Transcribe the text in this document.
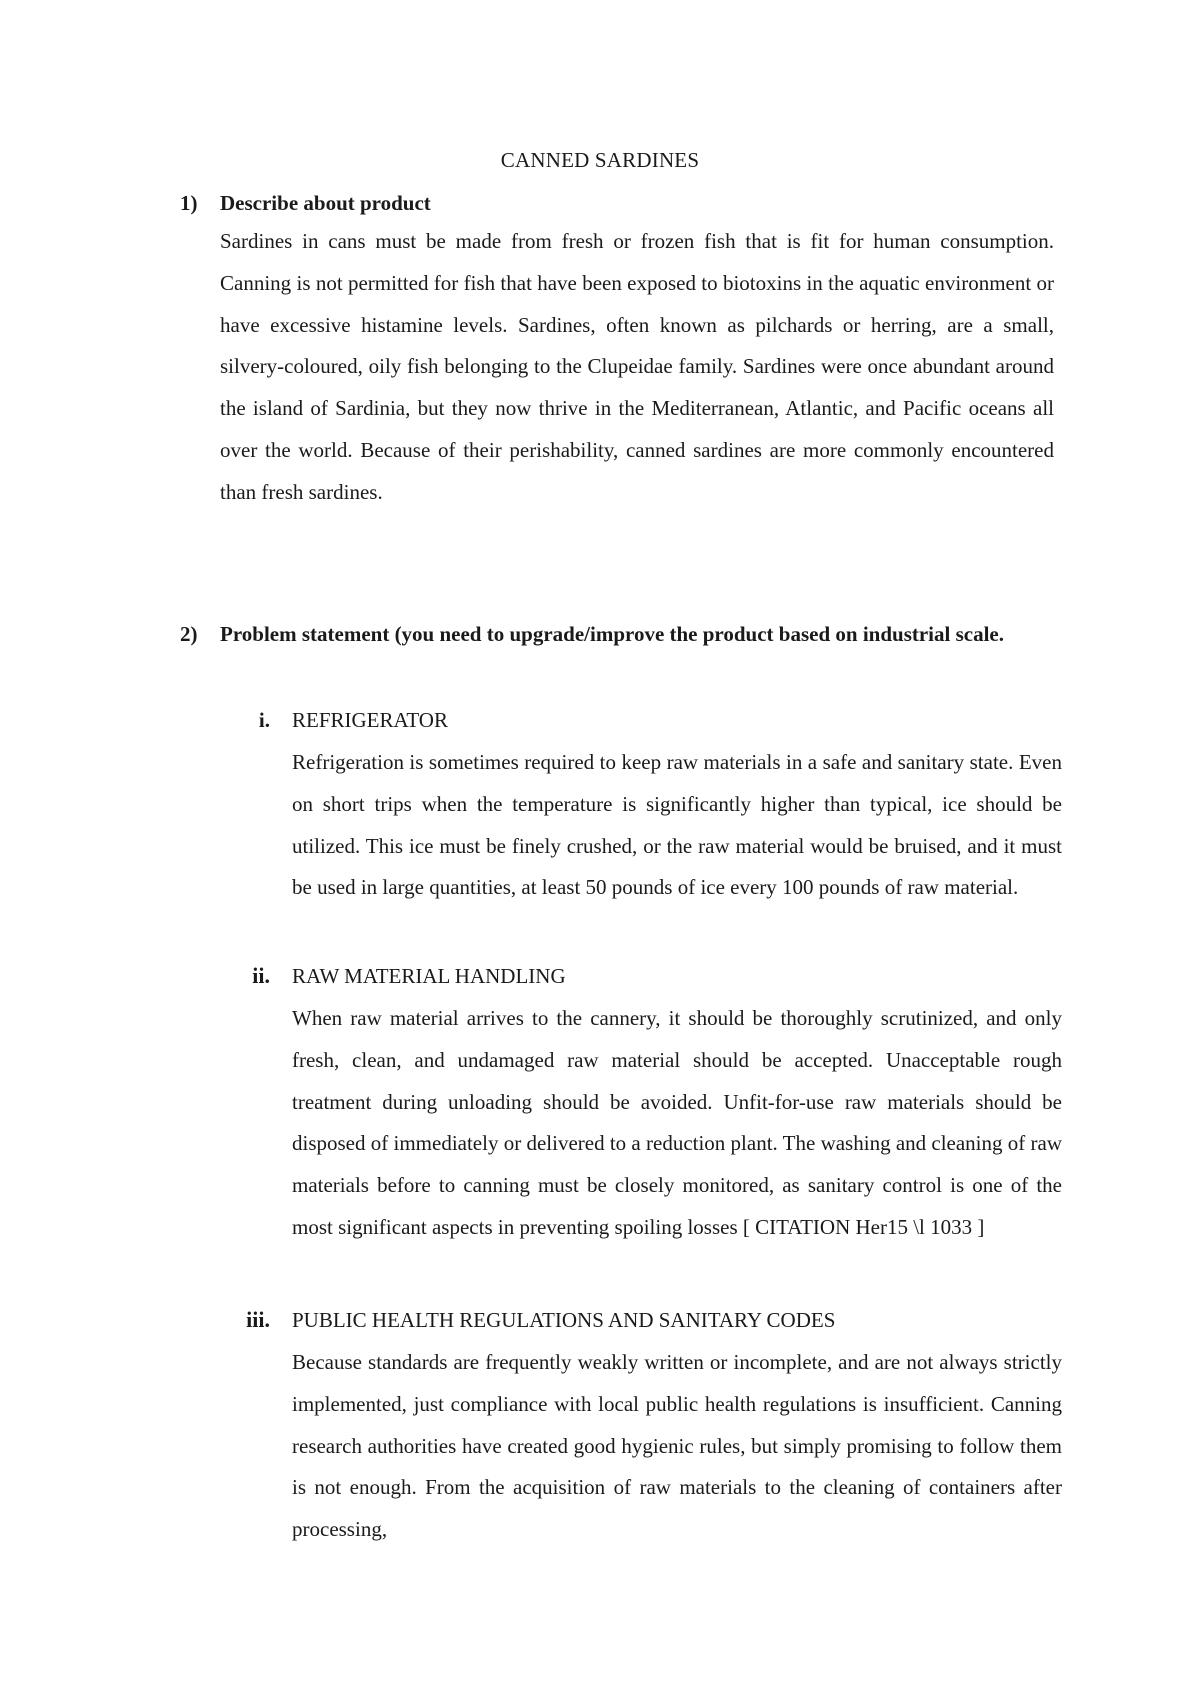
CANNED SARDINES
1)	Describe about product
Sardines in cans must be made from fresh or frozen fish that is fit for human consumption. Canning is not permitted for fish that have been exposed to biotoxins in the aquatic environment or have excessive histamine levels. Sardines, often known as pilchards or herring, are a small, silvery-coloured, oily fish belonging to the Clupeidae family. Sardines were once abundant around the island of Sardinia, but they now thrive in the Mediterranean, Atlantic, and Pacific oceans all over the world. Because of their perishability, canned sardines are more commonly encountered than fresh sardines.
2)	Problem statement (you need to upgrade/improve the product based on industrial scale.
i. REFRIGERATOR
Refrigeration is sometimes required to keep raw materials in a safe and sanitary state. Even on short trips when the temperature is significantly higher than typical, ice should be utilized. This ice must be finely crushed, or the raw material would be bruised, and it must be used in large quantities, at least 50 pounds of ice every 100 pounds of raw material.
ii. RAW MATERIAL HANDLING
When raw material arrives to the cannery, it should be thoroughly scrutinized, and only fresh, clean, and undamaged raw material should be accepted. Unacceptable rough treatment during unloading should be avoided. Unfit-for-use raw materials should be disposed of immediately or delivered to a reduction plant. The washing and cleaning of raw materials before to canning must be closely monitored, as sanitary control is one of the most significant aspects in preventing spoiling losses [ CITATION Her15 \l 1033 ]
iii. PUBLIC HEALTH REGULATIONS AND SANITARY CODES
Because standards are frequently weakly written or incomplete, and are not always strictly implemented, just compliance with local public health regulations is insufficient. Canning research authorities have created good hygienic rules, but simply promising to follow them is not enough. From the acquisition of raw materials to the cleaning of containers after processing,
